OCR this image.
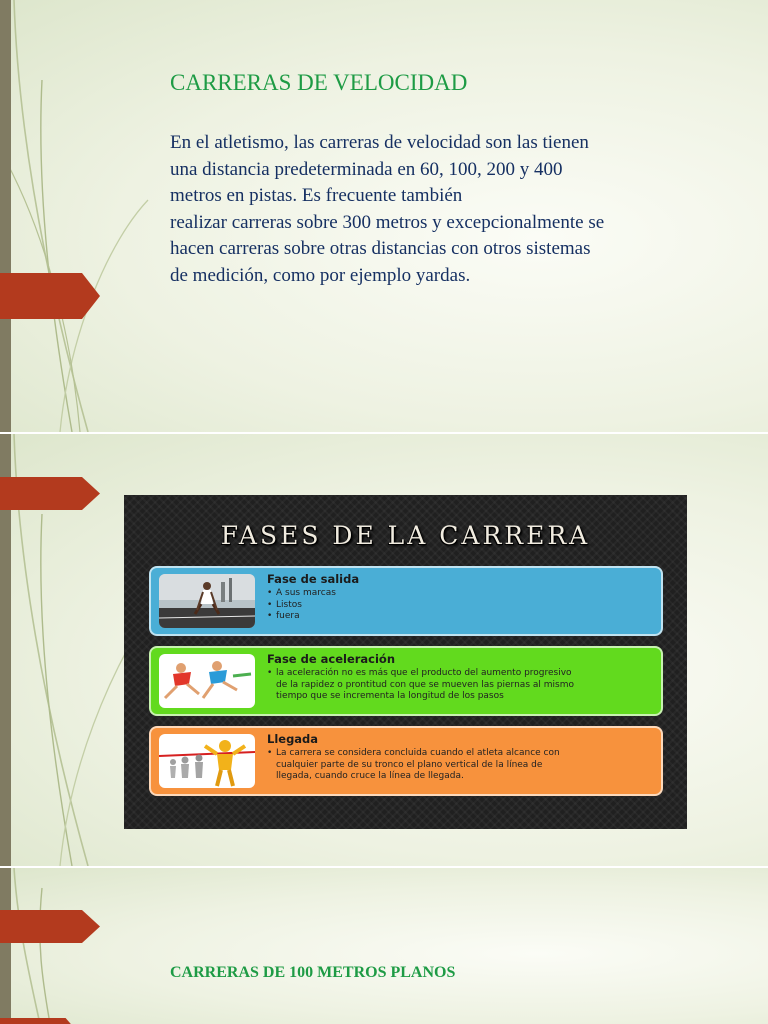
CARRERAS DE VELOCIDAD

En el atletismo, las carreras de velocidad son las tienen
una distancia predeterminada en 60, 100, 200 y 400
metros en pistas. Es frecuente también
realizar carreras sobre 300 metros y excepcionalmente se
hacen carreras sobre otras distancias con otros sistemas
de medición, como por ejemplo yardas.

FASES DE LA CARRERA
Fase de salida
• A sus marcas
• Listos
• fuera
Fase de aceleración
• la aceleración no es más que el producto del aumento progresivo
de la rapidez o prontitud con que se mueven las piernas al mismo
tiempo que se incrementa la longitud de los pasos
Llegada
• La carrera se considera concluida cuando el atleta alcance con
cualquier parte de su tronco el plano vertical de la línea de
llegada, cuando cruce la línea de llegada.
CARRERAS DE 100 METROS PLANOS
